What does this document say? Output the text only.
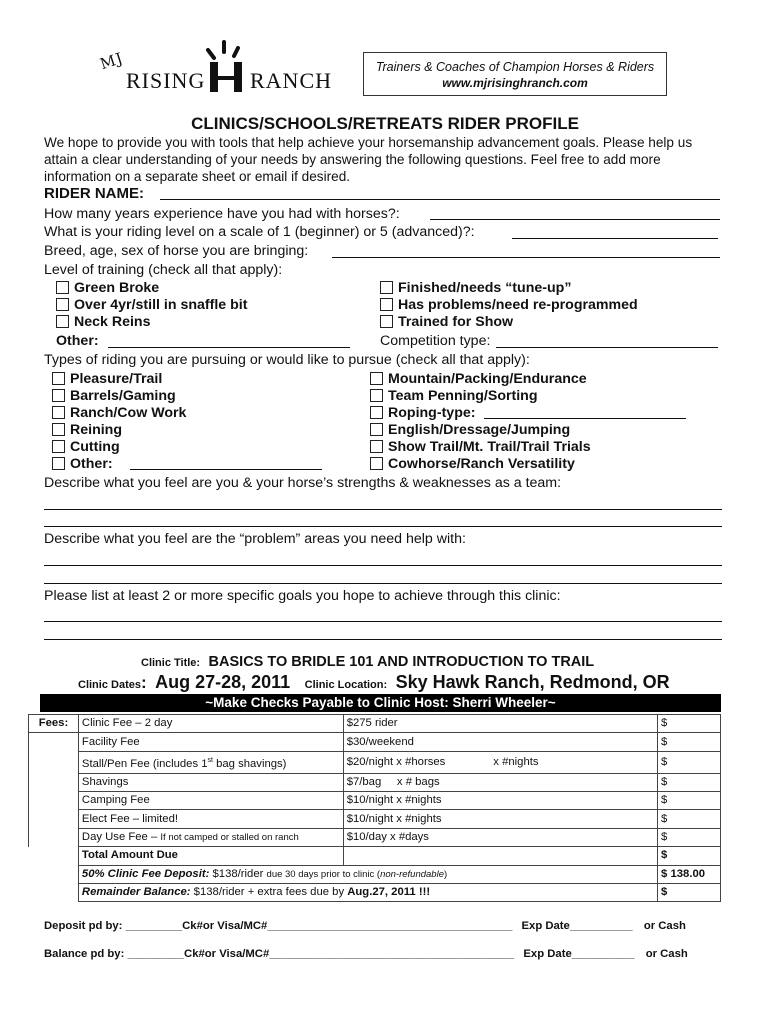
MJ
RISING RANCH
Trainers & Coaches of Champion Horses & Riders
www.mjrisinghranch.com
CLINICS/SCHOOLS/RETREATS RIDER PROFILE
We hope to provide you with tools that help achieve your horsemanship advancement goals. Please help us
attain a clear understanding of your needs by answering the following questions. Feel free to add more
information on a separate sheet or email if desired.
RIDER NAME:
How many years experience have you had with horses?:
What is your riding level on a scale of 1 (beginner) or 5 (advanced)?:
Breed, age, sex of horse you are bringing:
Level of training (check all that apply):
Green Broke
Over 4yr/still in snaffle bit
Neck Reins
Finished/needs “tune-up”
Has problems/need re-programmed
Trained for Show
Other:	Competition type:
Types of riding you are pursuing or would like to pursue (check all that apply):
Pleasure/Trail
Barrels/Gaming
Ranch/Cow Work
Reining
Cutting
Other:
Mountain/Packing/Endurance
Team Penning/Sorting
Roping-type:
English/Dressage/Jumping
Show Trail/Mt. Trail/Trail Trials
Cowhorse/Ranch Versatility
Describe what you feel are you & your horse’s strengths & weaknesses as a team:
Describe what you feel are the “problem” areas you need help with:
Please list at least 2 or more specific goals you hope to achieve through this clinic:
Clinic Title: BASICS TO BRIDLE 101 AND INTRODUCTION TO TRAIL
Clinic Dates: Aug 27-28, 2011 Clinic Location: Sky Hawk Ranch, Redmond, OR
~Make Checks Payable to Clinic Host: Sherri Wheeler~
Fees:	Clinic Fee – 2 day	$275 rider	$
	Facility Fee	$30/weekend	$
	Stall/Pen Fee (includes 1st bag shavings)	$20/night x #horses x #nights	$
	Shavings	$7/bag     x # bags	$
	Camping Fee	$10/night x #nights	$
	Elect Fee – limited!	$10/night x #nights	$
	Day Use Fee – If not camped or stalled on ranch	$10/day x #days	$
	Total Amount Due		$
	50% Clinic Fee Deposit: $138/rider due 30 days prior to clinic (non-refundable)		$ 138.00
	Remainder Balance: $138/rider + extra fees due by Aug.27, 2011 !!!		$
Deposit pd by: _________Ck#or Visa/MC#_______________________________________ Exp Date__________ or Cash
Balance pd by: _________Ck#or Visa/MC#_______________________________________ Exp Date__________ or Cash
